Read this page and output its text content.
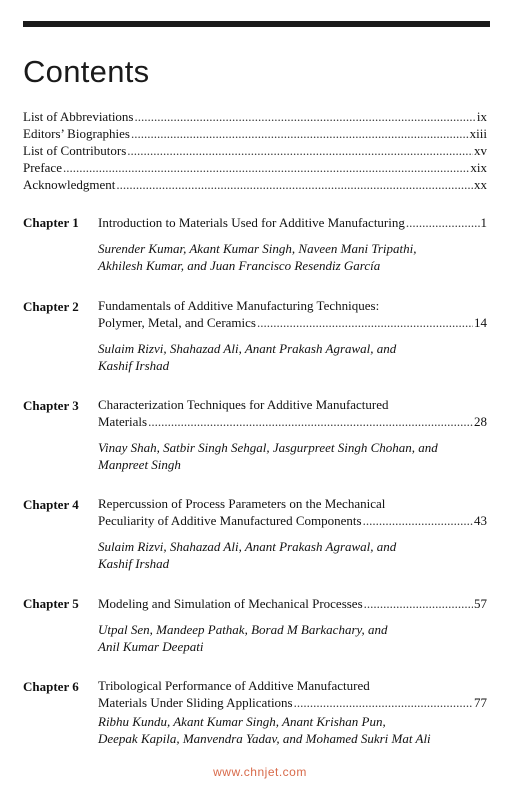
Contents
List of Abbreviations .....	ix
Editors’ Biographies .....	xiii
List of Contributors .....	xv
Preface .....	xix
Acknowledgment .....	xx
Chapter 1 Introduction to Materials Used for Additive Manufacturing .....	1
Surender Kumar, Akant Kumar Singh, Naveen Mani Tripathi,
Akhilesh Kumar, and Juan Francisco Resendiz García
Chapter 2 Fundamentals of Additive Manufacturing Techniques:
Polymer, Metal, and Ceramics .....	14
Sulaim Rizvi, Shahazad Ali, Anant Prakash Agrawal, and
Kashif Irshad
Chapter 3 Characterization Techniques for Additive Manufactured
Materials .....	28
Vinay Shah, Satbir Singh Sehgal, Jasgurpreet Singh Chohan, and
Manpreet Singh
Chapter 4 Repercussion of Process Parameters on the Mechanical
Peculiarity of Additive Manufactured Components .....	43
Sulaim Rizvi, Shahazad Ali, Anant Prakash Agrawal, and
Kashif Irshad
Chapter 5 Modeling and Simulation of Mechanical Processes .....	57
Utpal Sen, Mandeep Pathak, Borad M Barkachary, and
Anil Kumar Deepati
Chapter 6 Tribological Performance of Additive Manufactured
Materials Under Sliding Applications .....	77
Ribhu Kundu, Akant Kumar Singh, Anant Krishan Pun,
Deepak Kapila, Manvendra Yadav, and Mohamed Sukri Mat Ali
www.chnjet.com
